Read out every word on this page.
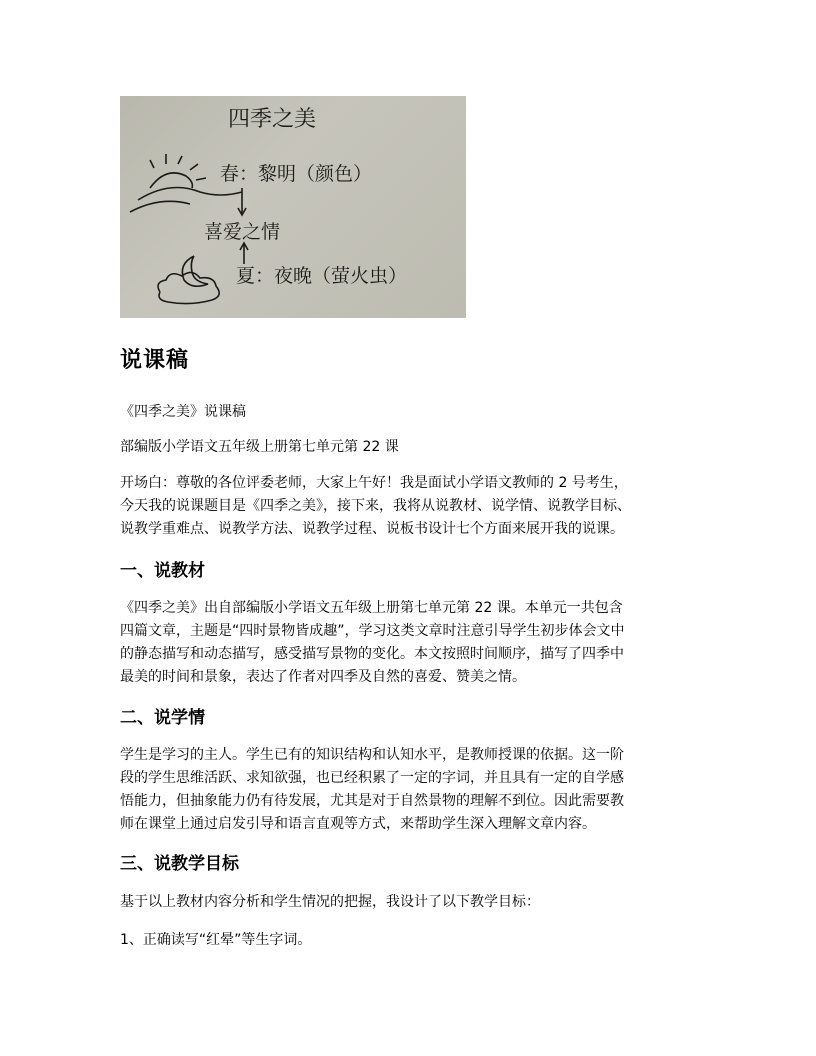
四季之美
春：黎明（颜色）
喜爱之情
夏：夜晚（萤火虫）
说课稿
《四季之美》说课稿
部编版小学语文五年级上册第七单元第 22 课
开场白：尊敬的各位评委老师，大家上午好！我是面试小学语文教师的 2 号考生，
今天我的说课题目是《四季之美》，接下来，我将从说教材、说学情、说教学目标、
说教学重难点、说教学方法、说教学过程、说板书设计七个方面来展开我的说课。
一、说教材
《四季之美》出自部编版小学语文五年级上册第七单元第 22 课。本单元一共包含
四篇文章，主题是“四时景物皆成趣”，学习这类文章时注意引导学生初步体会文中
的静态描写和动态描写，感受描写景物的变化。本文按照时间顺序，描写了四季中
最美的时间和景象，表达了作者对四季及自然的喜爱、赞美之情。
二、说学情
学生是学习的主人。学生已有的知识结构和认知水平，是教师授课的依据。这一阶
段的学生思维活跃、求知欲强，也已经积累了一定的字词，并且具有一定的自学感
悟能力，但抽象能力仍有待发展，尤其是对于自然景物的理解不到位。因此需要教
师在课堂上通过启发引导和语言直观等方式，来帮助学生深入理解文章内容。
三、说教学目标
基于以上教材内容分析和学生情况的把握，我设计了以下教学目标：
1、正确读写“红晕”等生字词。
